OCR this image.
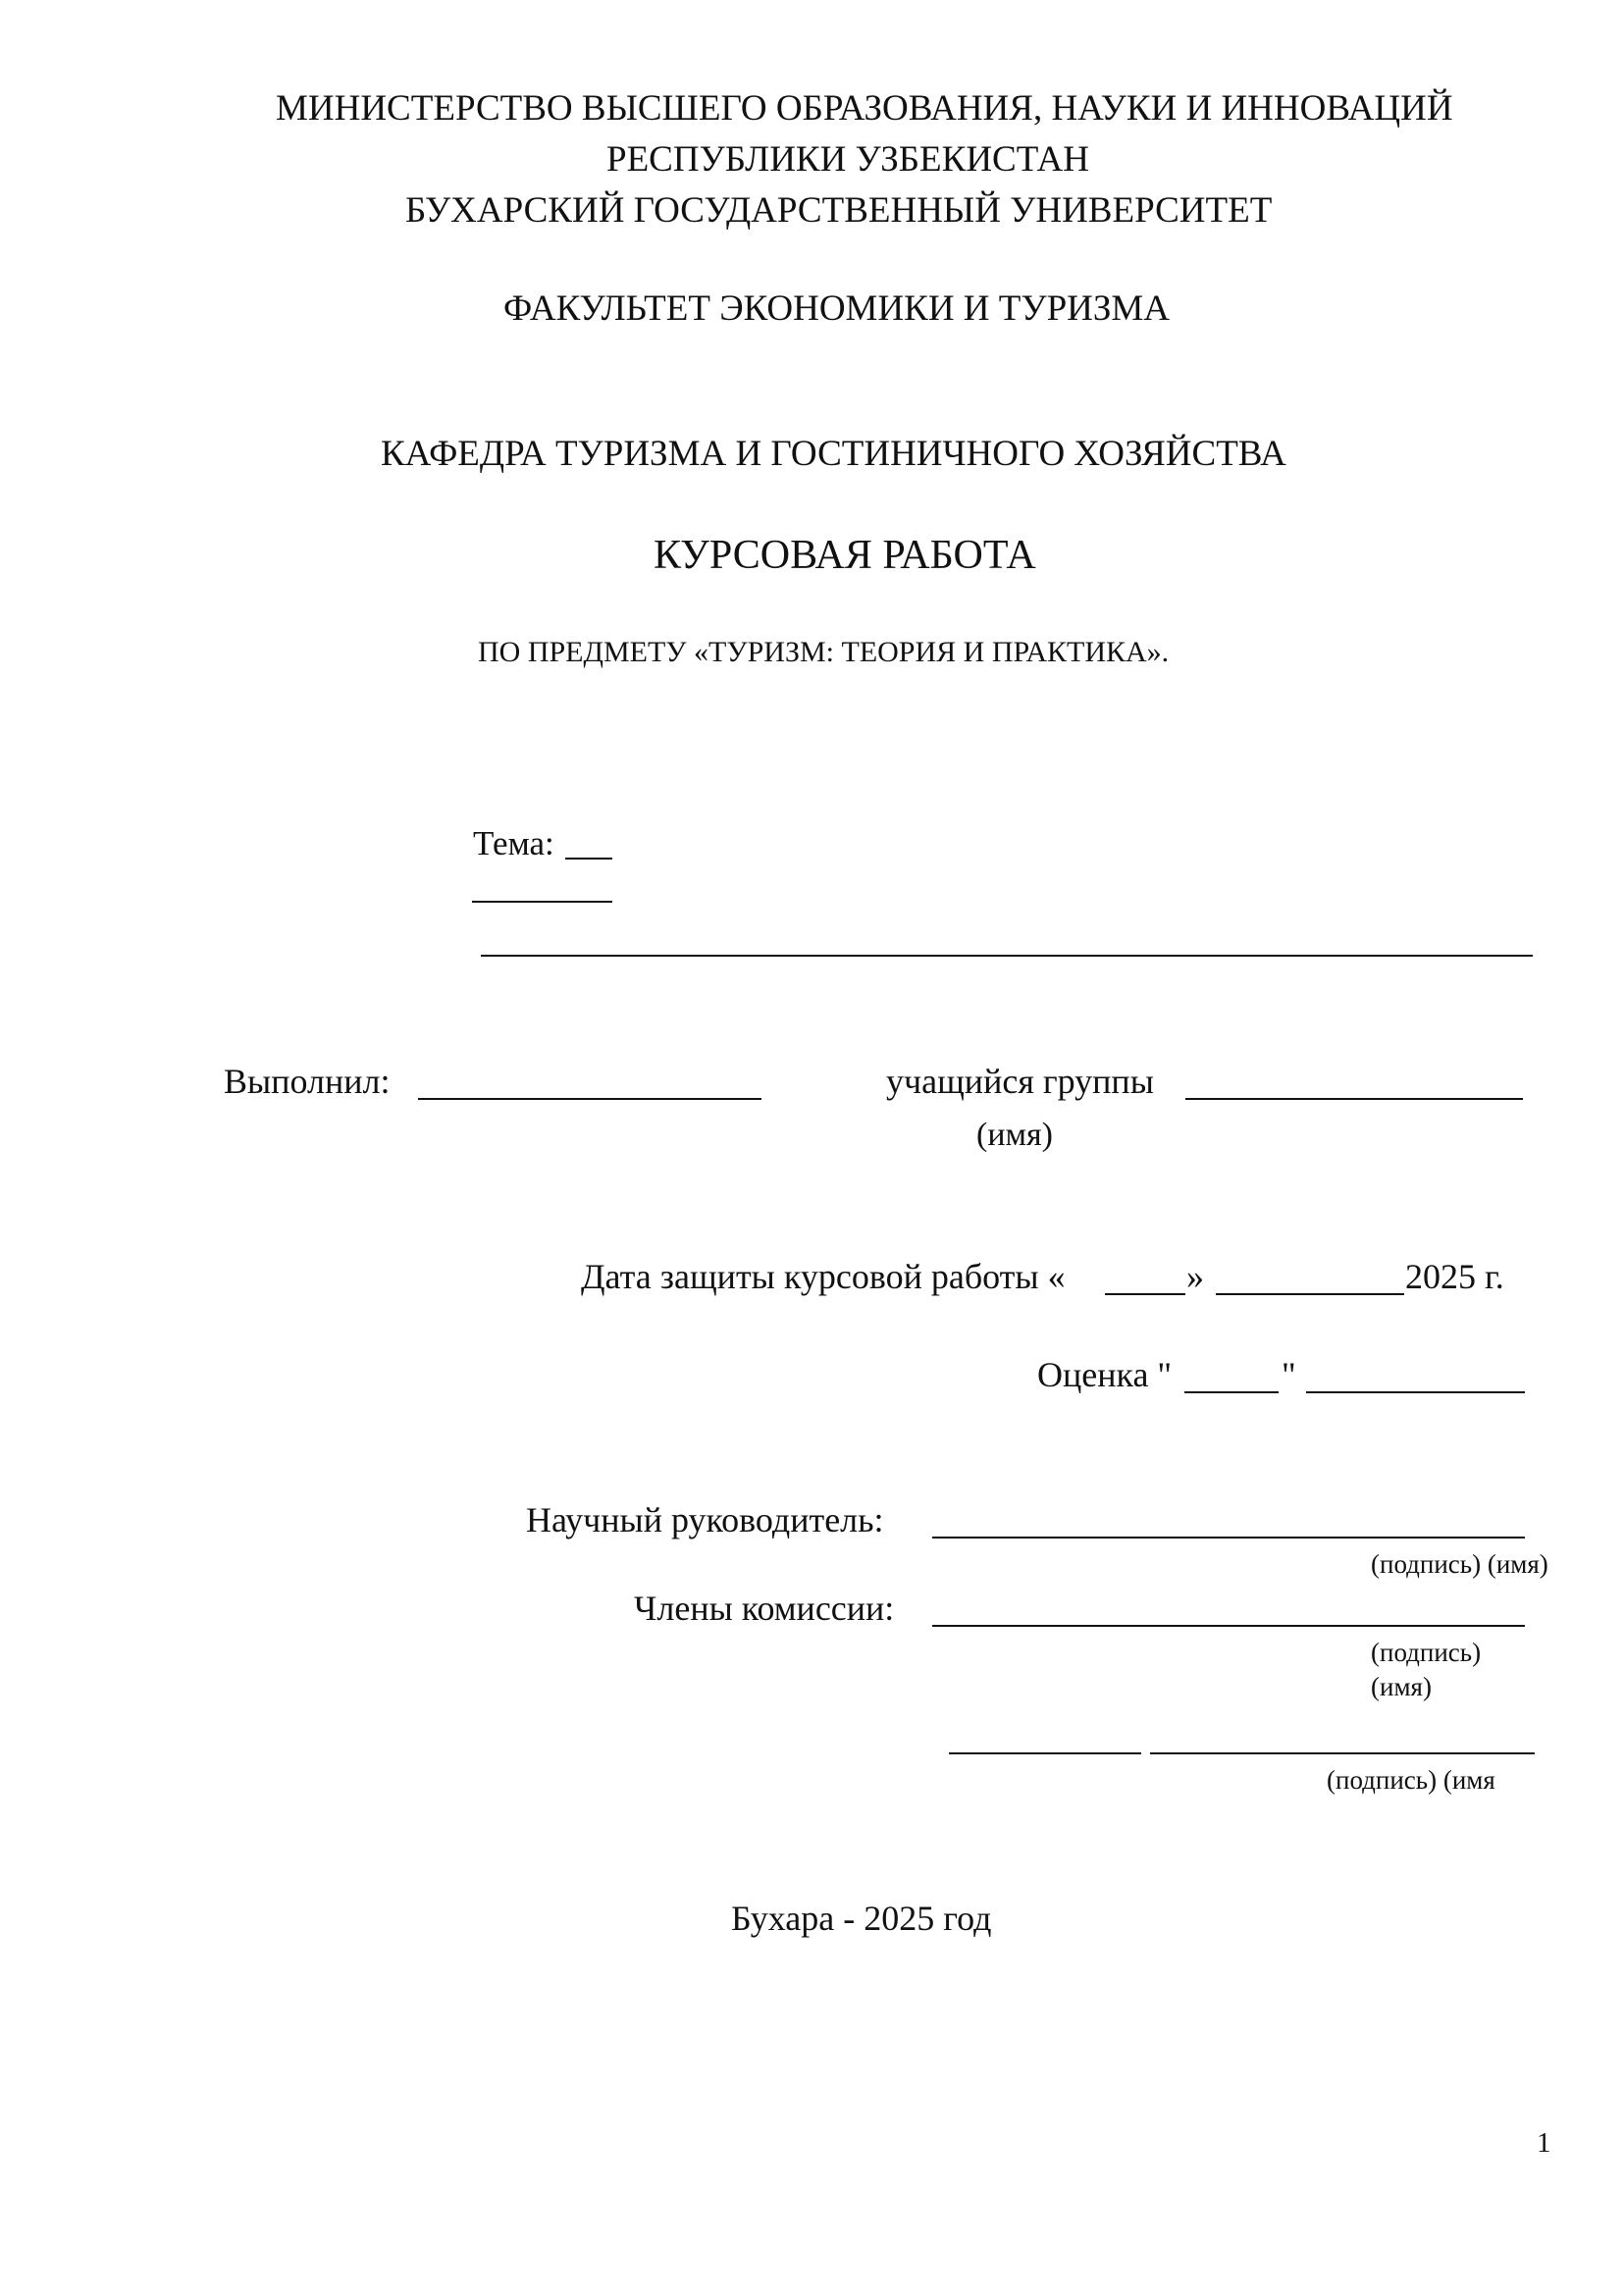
МИНИСТЕРСТВО ВЫСШЕГО ОБРАЗОВАНИЯ, НАУКИ И ИННОВАЦИЙ
РЕСПУБЛИКИ УЗБЕКИСТАН
БУХАРСКИЙ ГОСУДАРСТВЕННЫЙ УНИВЕРСИТЕТ
ФАКУЛЬТЕТ ЭКОНОМИКИ И ТУРИЗМА
КАФЕДРА ТУРИЗМА И ГОСТИНИЧНОГО ХОЗЯЙСТВА
КУРСОВАЯ РАБОТА
ПО ПРЕДМЕТУ «ТУРИЗМ: ТЕОРИЯ И ПРАКТИКА».
Тема:
Выполнил:	учащийся группы
(имя)
Дата защиты курсовой работы «	»	2025 г.
Оценка "	"
Научный руководитель:
(подпись) (имя)
Члены комиссии:
(подпись)
(имя)
(подпись) (имя
Бухара - 2025 год
1
